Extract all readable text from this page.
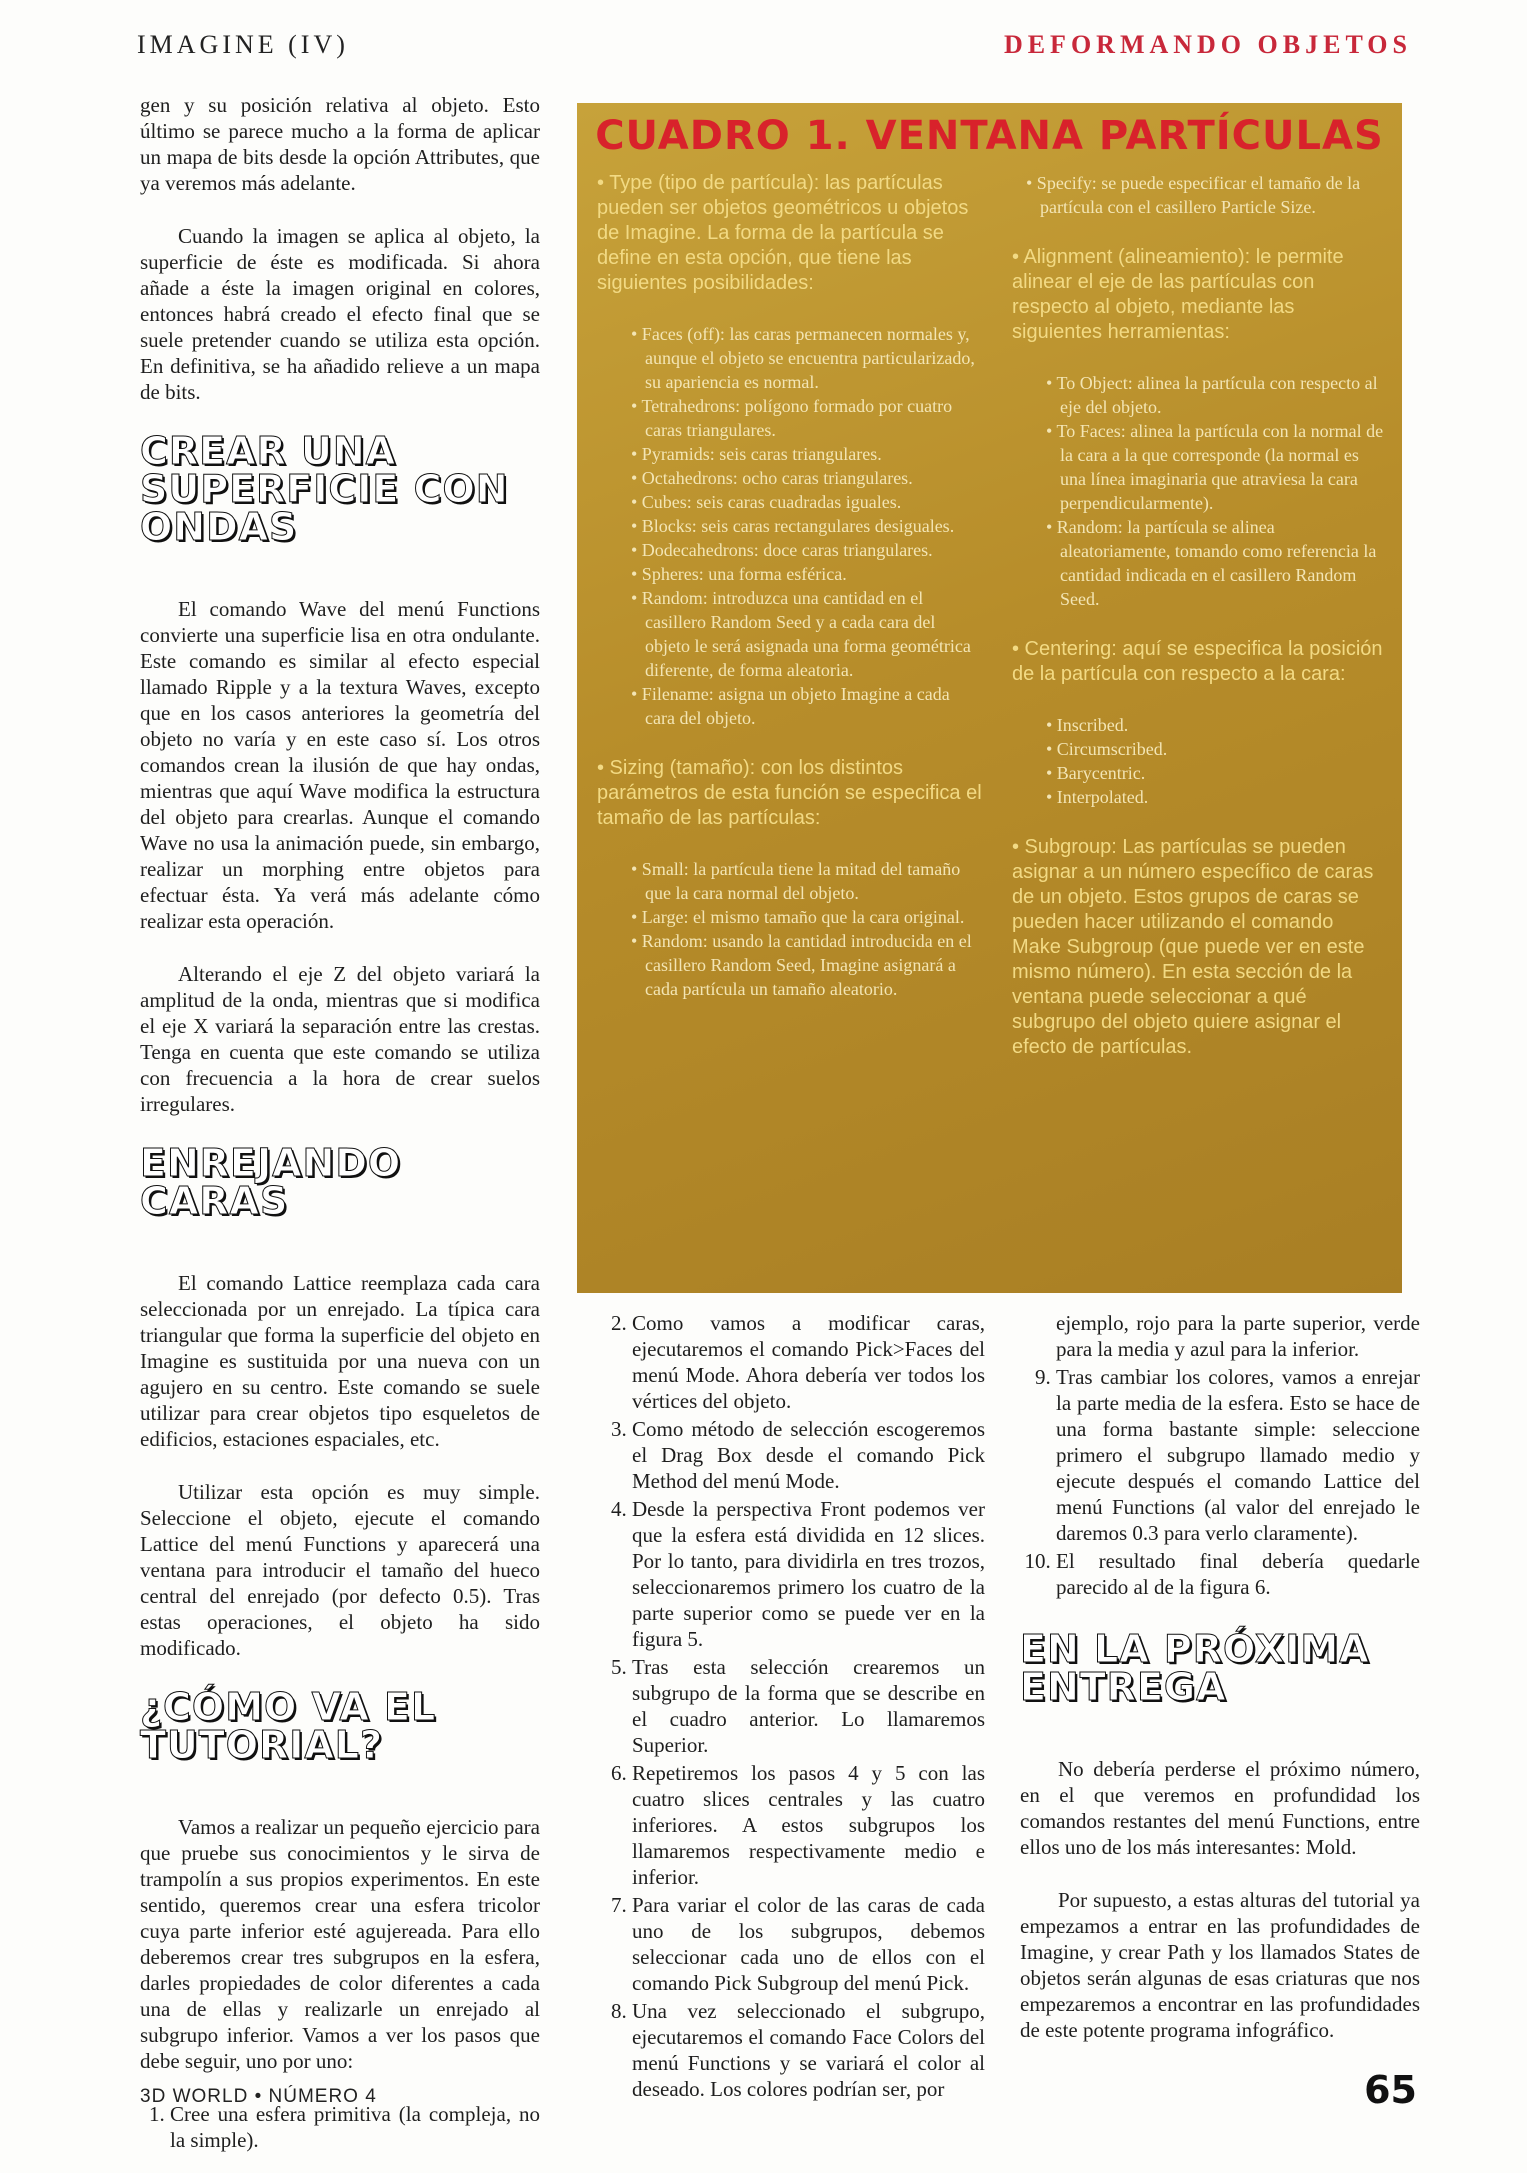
IMAGINE (IV)	DEFORMANDO OBJETOS

gen y su posición relativa al objeto. Esto último se parece mucho a la forma de aplicar un mapa de bits desde la opción Attributes, que ya veremos más adelante.

Cuando la imagen se aplica al objeto, la superficie de éste es modificada. Si ahora añade a éste la imagen original en colores, entonces habrá creado el efecto final que se suele pretender cuando se utiliza esta opción. En definitiva, se ha añadido relieve a un mapa de bits.

CREAR UNA
SUPERFICIE CON
ONDAS

El comando Wave del menú Functions convierte una superficie lisa en otra ondulante. Este comando es similar al efecto especial llamado Ripple y a la textura Waves, excepto que en los casos anteriores la geometría del objeto no varía y en este caso sí. Los otros comandos crean la ilusión de que hay ondas, mientras que aquí Wave modifica la estructura del objeto para crearlas. Aunque el comando Wave no usa la animación puede, sin embargo, realizar un morphing entre objetos para efectuar ésta. Ya verá más adelante cómo realizar esta operación.

Alterando el eje Z del objeto variará la amplitud de la onda, mientras que si modifica el eje X variará la separación entre las crestas. Tenga en cuenta que este comando se utiliza con frecuencia a la hora de crear suelos irregulares.

ENREJANDO CARAS

El comando Lattice reemplaza cada cara seleccionada por un enrejado. La típica cara triangular que forma la superficie del objeto en Imagine es sustituida por una nueva con un agujero en su centro. Este comando se suele utilizar para crear objetos tipo esqueletos de edificios, estaciones espaciales, etc.

Utilizar esta opción es muy simple. Seleccione el objeto, ejecute el comando Lattice del menú Functions y aparecerá una ventana para introducir el tamaño del hueco central del enrejado (por defecto 0.5). Tras estas operaciones, el objeto ha sido modificado.

¿CÓMO VA EL
TUTORIAL?

Vamos a realizar un pequeño ejercicio para que pruebe sus conocimientos y le sirva de trampolín a sus propios experimentos. En este sentido, queremos crear una esfera tricolor cuya parte inferior esté agujereada. Para ello deberemos crear tres subgrupos en la esfera, darles propiedades de color diferentes a cada una de ellas y realizarle un enrejado al subgrupo inferior. Vamos a ver los pasos que debe seguir, uno por uno:

1. Cree una esfera primitiva (la compleja, no la simple).
CUADRO 1. VENTANA PARTÍCULAS
• Type (tipo de partícula): las partículas pueden ser objetos geométricos u objetos de Imagine. La forma de la partícula se define en esta opción, que tiene las siguientes posibilidades:
• Faces (off): las caras permanecen normales y, aunque el objeto se encuentra particularizado, su apariencia es normal.
• Tetrahedrons: polígono formado por cuatro caras triangulares.
• Pyramids: seis caras triangulares.
• Octahedrons: ocho caras triangulares.
• Cubes: seis caras cuadradas iguales.
• Blocks: seis caras rectangulares desiguales.
• Dodecahedrons: doce caras triangulares.
• Spheres: una forma esférica.
• Random: introduzca una cantidad en el casillero Random Seed y a cada cara del objeto le será asignada una forma geométrica diferente, de forma aleatoria.
• Filename: asigna un objeto Imagine a cada cara del objeto.
• Sizing (tamaño): con los distintos parámetros de esta función se especifica el tamaño de las partículas:
• Small: la partícula tiene la mitad del tamaño que la cara normal del objeto.
• Large: el mismo tamaño que la cara original.
• Random: usando la cantidad introducida en el casillero Random Seed, Imagine asignará a cada partícula un tamaño aleatorio.
• Specify: se puede especificar el tamaño de la partícula con el casillero Particle Size.
• Alignment (alineamiento): le permite alinear el eje de las partículas con respecto al objeto, mediante las siguientes herramientas:
• To Object: alinea la partícula con respecto al eje del objeto.
• To Faces: alinea la partícula con la normal de la cara a la que corresponde (la normal es una línea imaginaria que atraviesa la cara perpendicularmente).
• Random: la partícula se alinea aleatoriamente, tomando como referencia la cantidad indicada en el casillero Random Seed.
• Centering: aquí se especifica la posición de la partícula con respecto a la cara:
• Inscribed.
• Circumscribed.
• Barycentric.
• Interpolated.
• Subgroup: Las partículas se pueden asignar a un número específico de caras de un objeto. Estos grupos de caras se pueden hacer utilizando el comando Make Subgroup (que puede ver en este mismo número). En esta sección de la ventana puede seleccionar a qué subgrupo del objeto quiere asignar el efecto de partículas.
2. Como vamos a modificar caras, ejecutaremos el comando Pick>Faces del menú Mode. Ahora debería ver todos los vértices del objeto.
3. Como método de selección escogeremos el Drag Box desde el comando Pick Method del menú Mode.
4. Desde la perspectiva Front podemos ver que la esfera está dividida en 12 slices. Por lo tanto, para dividirla en tres trozos, seleccionaremos primero los cuatro de la parte superior como se puede ver en la figura 5.
5. Tras esta selección crearemos un subgrupo de la forma que se describe en el cuadro anterior. Lo llamaremos Superior.
6. Repetiremos los pasos 4 y 5 con las cuatro slices centrales y las cuatro inferiores. A estos subgrupos los llamaremos respectivamente medio e inferior.
7. Para variar el color de las caras de cada uno de los subgrupos, debemos seleccionar cada uno de ellos con el comando Pick Subgroup del menú Pick.
8. Una vez seleccionado el subgrupo, ejecutaremos el comando Face Colors del menú Functions y se variará el color al deseado. Los colores podrían ser, por
ejemplo, rojo para la parte superior, verde para la media y azul para la inferior.
9. Tras cambiar los colores, vamos a enrejar la parte media de la esfera. Esto se hace de una forma bastante simple: seleccione primero el subgrupo llamado medio y ejecute después el comando Lattice del menú Functions (al valor del enrejado le daremos 0.3 para verlo claramente).
10. El resultado final debería quedarle parecido al de la figura 6.
EN LA PRÓXIMA
ENTREGA

No debería perderse el próximo número, en el que veremos en profundidad los comandos restantes del menú Functions, entre ellos uno de los más interesantes: Mold.

Por supuesto, a estas alturas del tutorial ya empezamos a entrar en las profundidades de Imagine, y crear Path y los llamados States de objetos serán algunas de esas criaturas que nos empezaremos a encontrar en las profundidades de este potente programa infográfico.

3D WORLD • NÚMERO 4	65
